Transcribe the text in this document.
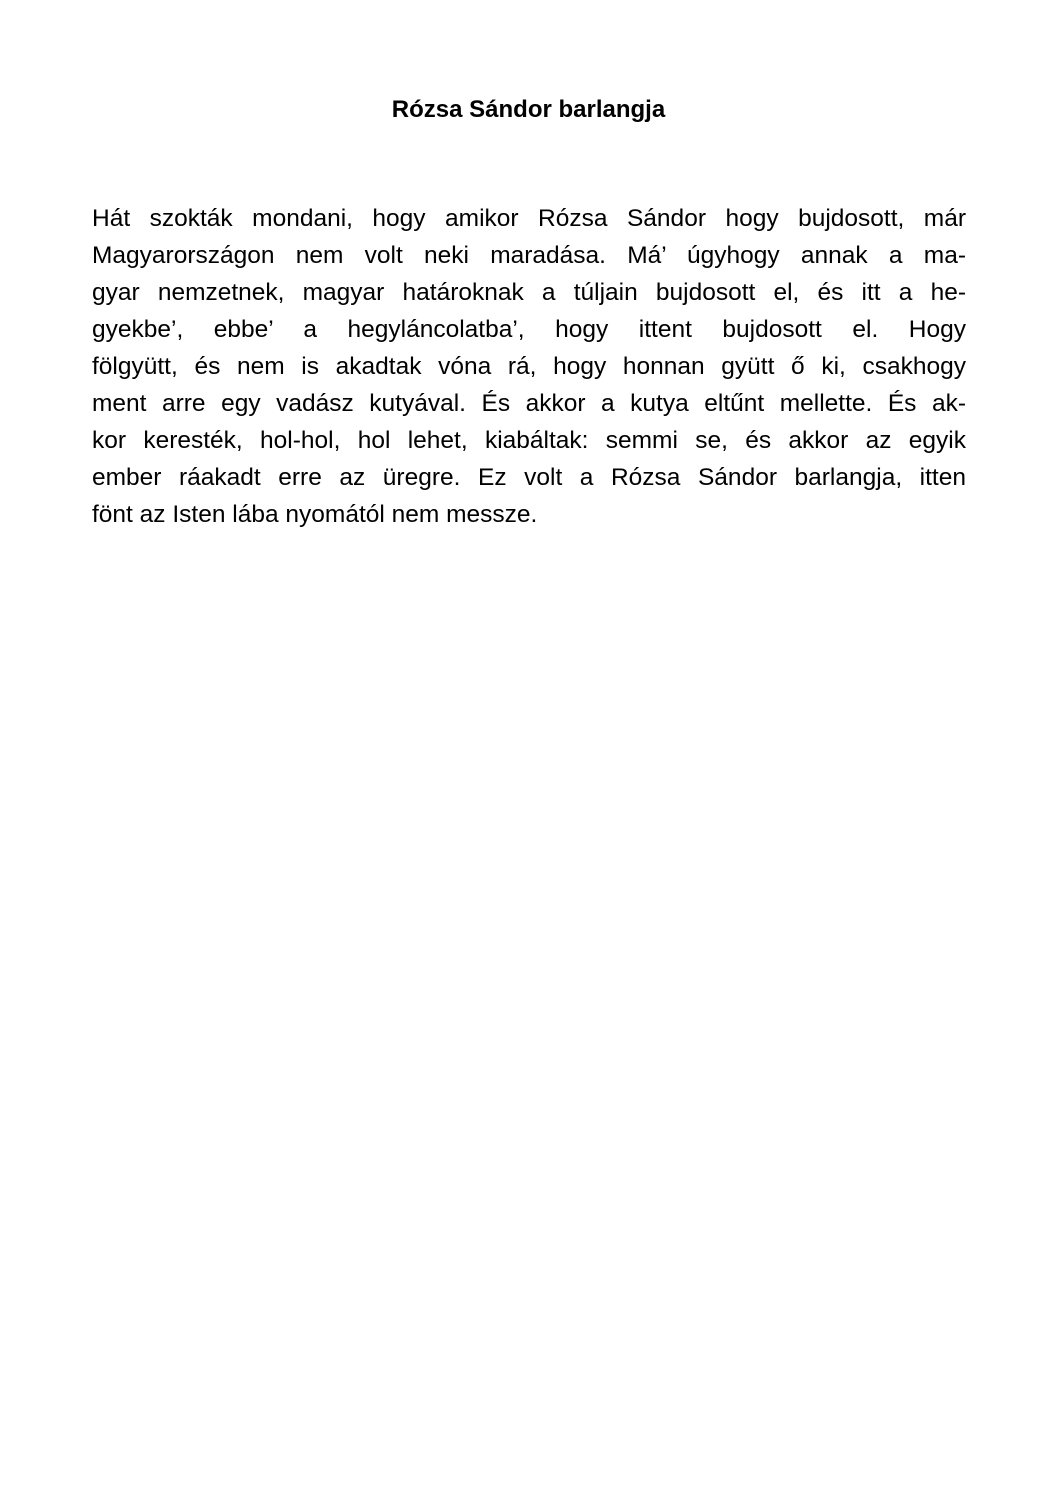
Rózsa Sándor barlangja
Hát szokták mondani, hogy amikor Rózsa Sándor hogy bujdosott, már
Magyarországon nem volt neki maradása. Má’ úgyhogy annak a ma-
gyar nemzetnek, magyar határoknak a túljain bujdosott el, és itt a he-
gyekbe’, ebbe’ a hegyláncolatba’, hogy ittent bujdosott el. Hogy
fölgyütt, és nem is akadtak vóna rá, hogy honnan gyütt ő ki, csakhogy
ment arre egy vadász kutyával. És akkor a kutya eltűnt mellette. És ak-
kor keresték, hol-hol, hol lehet, kiabáltak: semmi se, és akkor az egyik
ember ráakadt erre az üregre. Ez volt a Rózsa Sándor barlangja, itten
fönt az Isten lába nyomától nem messze.
